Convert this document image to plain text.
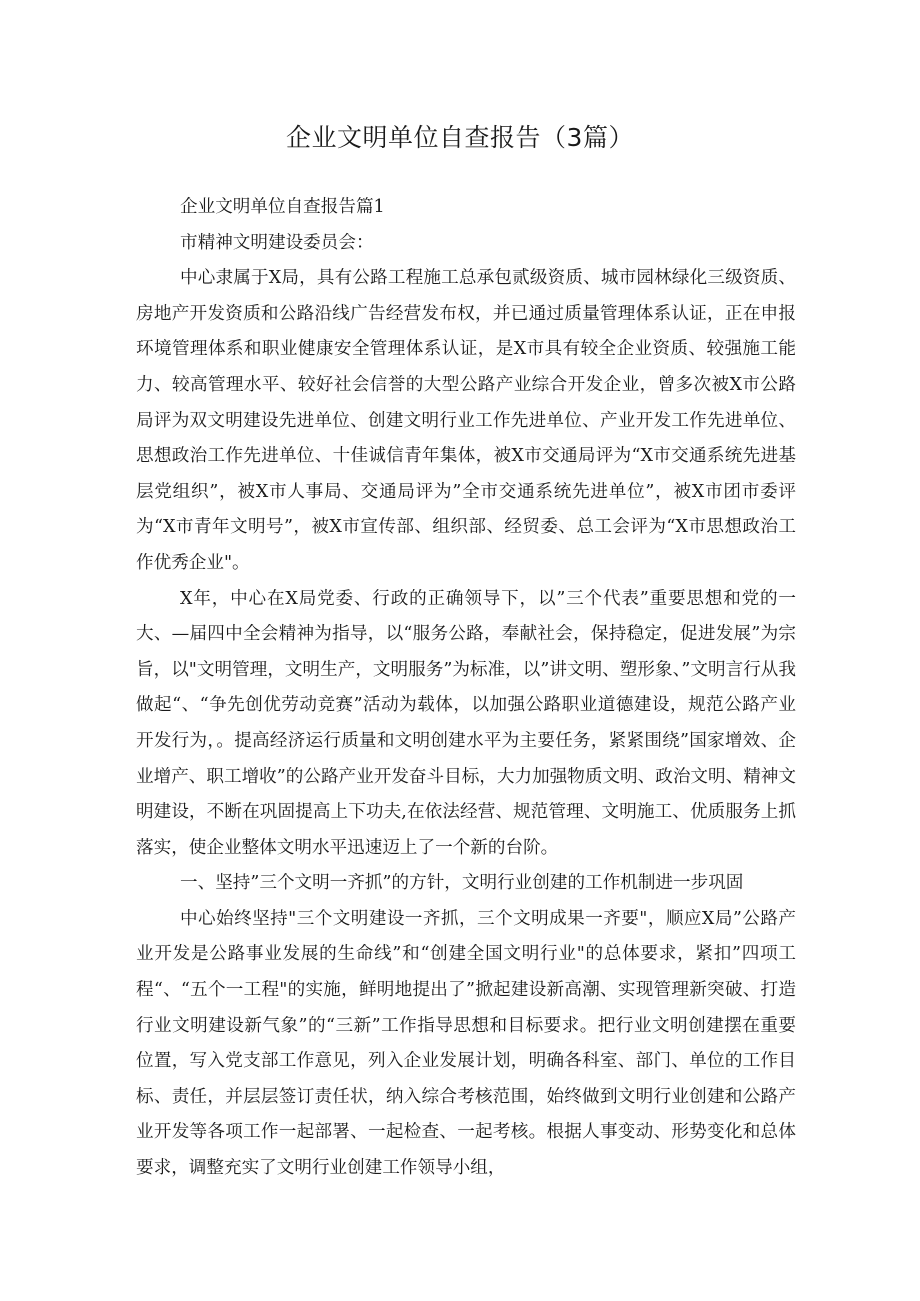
企业文明单位自查报告（3篇）

企业文明单位自查报告篇1

市精神文明建设委员会：

中心隶属于X局，具有公路工程施工总承包贰级资质、城市园林绿化三级资质、房地产开发资质和公路沿线广告经营发布权，并已通过质量管理体系认证，正在申报环境管理体系和职业健康安全管理体系认证，是X市具有较全企业资质、较强施工能力、较高管理水平、较好社会信誉的大型公路产业综合开发企业，曾多次被X市公路局评为双文明建设先进单位、创建文明行业工作先进单位、产业开发工作先进单位、思想政治工作先进单位、十佳诚信青年集体，被X市交通局评为“X市交通系统先进基层党组织”，被X市人事局、交通局评为”全市交通系统先进单位”，被X市团市委评为“X市青年文明号”，被X市宣传部、组织部、经贸委、总工会评为“X市思想政治工作优秀企业"。

X年，中心在X局党委、行政的正确领导下，以”三个代表”重要思想和党的一大、—届四中全会精神为指导，以“服务公路，奉献社会，保持稳定，促进发展”为宗旨，以"文明管理，文明生产，文明服务”为标准，以”讲文明、塑形象、”文明言行从我做起“、“争先创优劳动竞赛”活动为载体，以加强公路职业道德建设，规范公路产业开发行为，。提高经济运行质量和文明创建水平为主要任务，紧紧围绕”国家增效、企业增产、职工增收”的公路产业开发奋斗目标，大力加强物质文明、政治文明、精神文明建设，不断在巩固提高上下功夫,在依法经营、规范管理、文明施工、优质服务上抓落实，使企业整体文明水平迅速迈上了一个新的台阶。

一、坚持”三个文明一齐抓”的方针，文明行业创建的工作机制进一步巩固

中心始终坚持"三个文明建设一齐抓，三个文明成果一齐要"，顺应X局”公路产业开发是公路事业发展的生命线”和“创建全国文明行业"的总体要求，紧扣”四项工程“、“五个一工程"的实施，鲜明地提出了”掀起建设新高潮、实现管理新突破、打造行业文明建设新气象”的“三新”工作指导思想和目标要求。把行业文明创建摆在重要位置，写入党支部工作意见，列入企业发展计划，明确各科室、部门、单位的工作目标、责任，并层层签订责任状，纳入综合考核范围，始终做到文明行业创建和公路产业开发等各项工作一起部署、一起检查、一起考核。根据人事变动、形势变化和总体要求，调整充实了文明行业创建工作领导小组，
